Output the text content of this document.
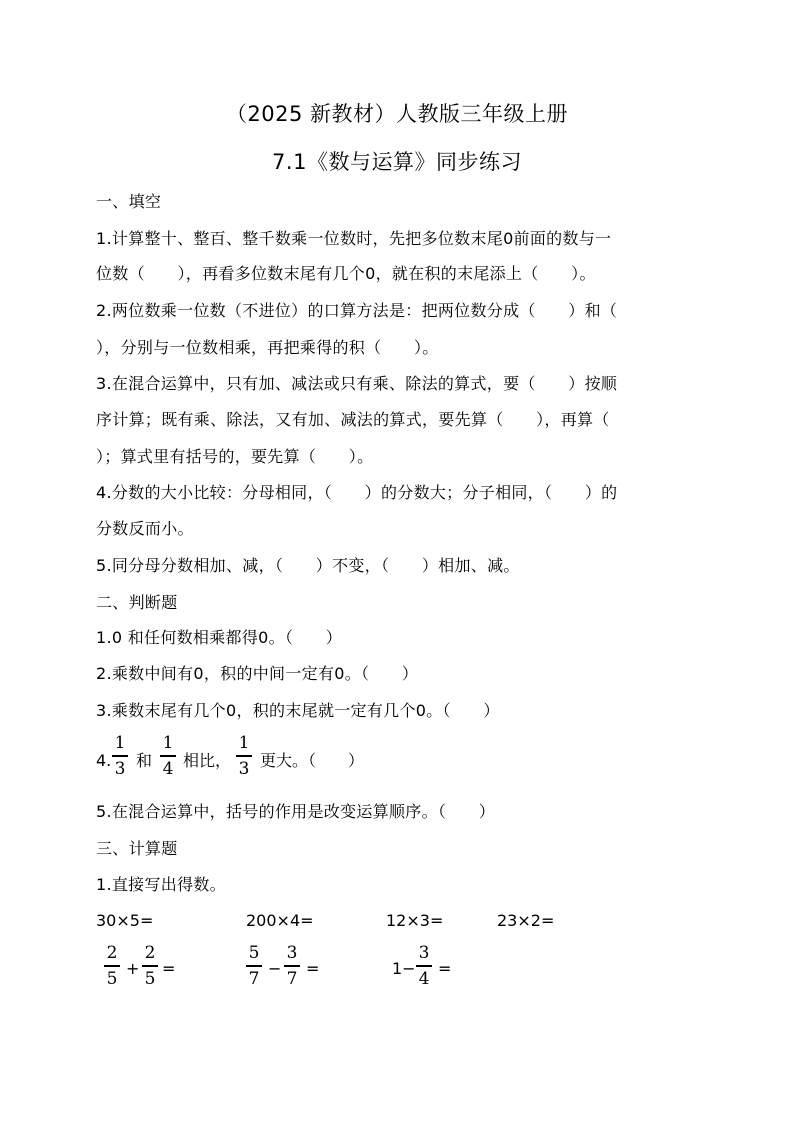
（2025 新教材）人教版三年级上册
7.1《数与运算》同步练习
一、填空
1.计算整十、整百、整千数乘一位数时，先把多位数末尾0前面的数与一
位数（　　），再看多位数末尾有几个0，就在积的末尾添上（　　）。
2.两位数乘一位数（不进位）的口算方法是：把两位数分成（　　）和（
），分别与一位数相乘，再把乘得的积（　　）。
3.在混合运算中，只有加、减法或只有乘、除法的算式，要（　　）按顺
序计算；既有乘、除法，又有加、减法的算式，要先算（　　），再算（
）；算式里有括号的，要先算（　　）。
4.分数的大小比较：分母相同，（　　）的分数大；分子相同，（　　）的
分数反而小。
5.同分母分数相加、减，（　　）不变，（　　）相加、减。
二、判断题
1.0 和任何数相乘都得0。（　　）
2.乘数中间有0，积的中间一定有0。（　　）
3.乘数末尾有几个0，积的末尾就一定有几个0。（　　）
4.
1
3 和
1
4 相比，
1
3 更大。（　　）
5.在混合运算中，括号的作用是改变运算顺序。（　　）
三、计算题
1.直接写出得数。
30×5=	200×4=	12×3=	23×2=
2
5 +
2
5 =
5
7 −
3
7 =	1−
3
4 =
